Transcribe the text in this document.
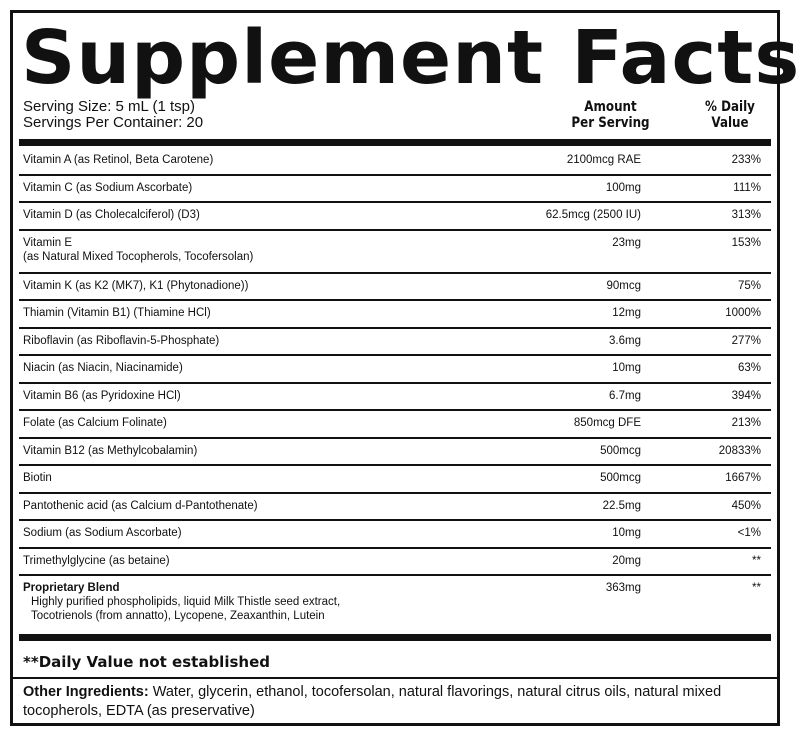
Supplement Facts
Serving Size: 5 mL (1 tsp)
Servings Per Container: 20
Amount
Per Serving
% Daily
Value
Vitamin A (as Retinol, Beta Carotene)	2100mcg RAE	233%
Vitamin C (as Sodium Ascorbate)	100mg	111%
Vitamin D (as Cholecalciferol) (D3)	62.5mcg (2500 IU)	313%
Vitamin E
(as Natural Mixed Tocopherols, Tocofersolan)
23mg	153%
Vitamin K (as K2 (MK7), K1 (Phytonadione))	90mcg	75%
Thiamin (Vitamin B1) (Thiamine HCl)	12mg	1000%
Riboflavin (as Riboflavin-5-Phosphate)	3.6mg	277%
Niacin (as Niacin, Niacinamide)	10mg	63%
Vitamin B6 (as Pyridoxine HCl)	6.7mg	394%
Folate (as Calcium Folinate)	850mcg DFE	213%
Vitamin B12 (as Methylcobalamin)	500mcg	20833%
Biotin	500mcg	1667%
Pantothenic acid (as Calcium d-Pantothenate)	22.5mg	450%
Sodium (as Sodium Ascorbate)	10mg	<1%
Trimethylglycine (as betaine)	20mg	**
Proprietary Blend
Highly purified phospholipids, liquid Milk Thistle seed extract,
Tocotrienols (from annatto), Lycopene, Zeaxanthin, Lutein
363mg	**
**Daily Value not established
Other Ingredients: Water, glycerin, ethanol, tocofersolan, natural flavorings, natural citrus oils, natural mixed tocopherols, EDTA (as preservative)
